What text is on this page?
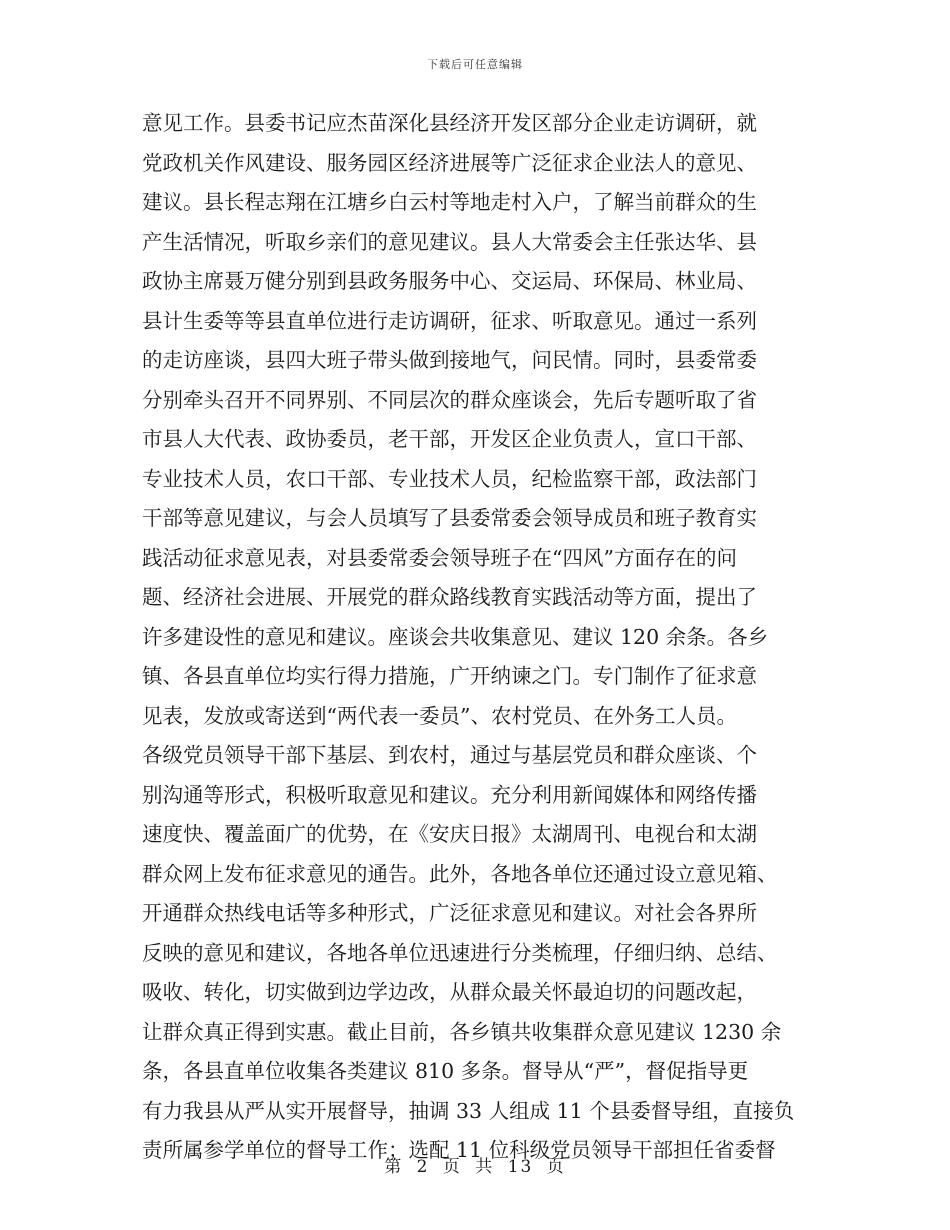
下载后可任意编辑
意见工作。县委书记应杰苗深化县经济开发区部分企业走访调研，就
党政机关作风建设、服务园区经济进展等广泛征求企业法人的意见、
建议。县长程志翔在江塘乡白云村等地走村入户，了解当前群众的生
产生活情况，听取乡亲们的意见建议。县人大常委会主任张达华、县
政协主席聂万健分别到县政务服务中心、交运局、环保局、林业局、
县计生委等等县直单位进行走访调研，征求、听取意见。通过一系列
的走访座谈，县四大班子带头做到接地气，问民情。同时，县委常委
分别牵头召开不同界别、不同层次的群众座谈会，先后专题听取了省
市县人大代表、政协委员，老干部，开发区企业负责人，宣口干部、
专业技术人员，农口干部、专业技术人员，纪检监察干部，政法部门
干部等意见建议，与会人员填写了县委常委会领导成员和班子教育实
践活动征求意见表，对县委常委会领导班子在“四风”方面存在的问
题、经济社会进展、开展党的群众路线教育实践活动等方面，提出了
许多建设性的意见和建议。座谈会共收集意见、建议 120 余条。各乡
镇、各县直单位均实行得力措施，广开纳谏之门。专门制作了征求意
见表，发放或寄送到“两代表一委员”、农村党员、在外务工人员。
各级党员领导干部下基层、到农村，通过与基层党员和群众座谈、个
别沟通等形式，积极听取意见和建议。充分利用新闻媒体和网络传播
速度快、覆盖面广的优势，在《安庆日报》太湖周刊、电视台和太湖
群众网上发布征求意见的通告。此外，各地各单位还通过设立意见箱、
开通群众热线电话等多种形式，广泛征求意见和建议。对社会各界所
反映的意见和建议，各地各单位迅速进行分类梳理，仔细归纳、总结、
吸收、转化，切实做到边学边改，从群众最关怀最迫切的问题改起，
让群众真正得到实惠。截止目前，各乡镇共收集群众意见建议 1230 余
条，各县直单位收集各类建议 810 多条。督导从“严”，督促指导更
有力我县从严从实开展督导，抽调 33 人组成 11 个县委督导组，直接负
责所属参学单位的督导工作；选配 11 位科级党员领导干部担任省委督
第 2 页 共 13 页
